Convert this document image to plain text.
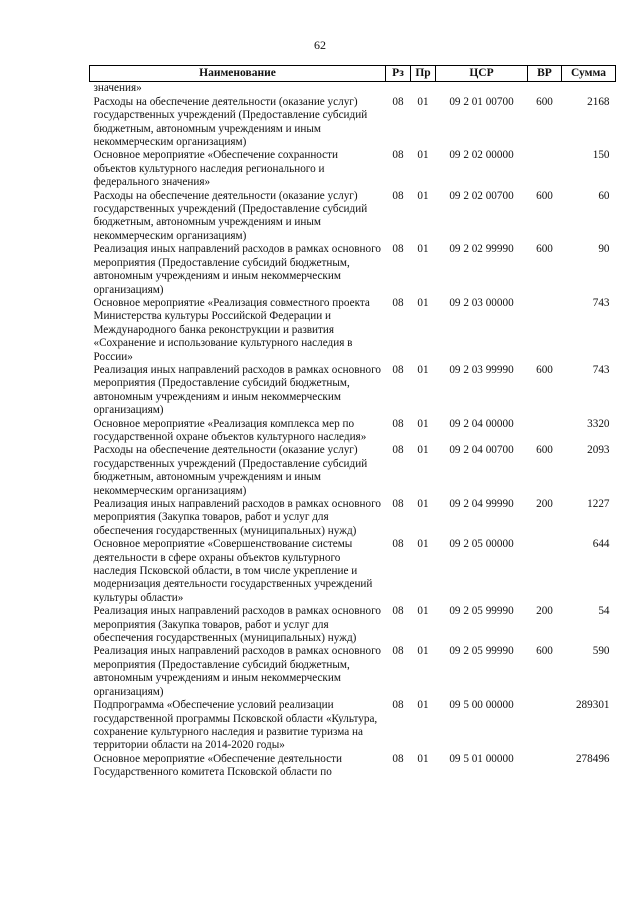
62
Наименование	Рз	Пр	ЦСР	ВР	Сумма
значения»					
Расходы на обеспечение деятельности (оказание услуг) государственных учреждений (Предоставление субсидий бюджетным, автономным учреждениям и иным некоммерческим организациям)	08	01	09 2 01 00700	600	2168
Основное мероприятие «Обеспечение сохранности объектов культурного наследия регионального и федерального значения»	08	01	09 2 02 00000		150
Расходы на обеспечение деятельности (оказание услуг) государственных учреждений (Предоставление субсидий бюджетным, автономным учреждениям и иным некоммерческим организациям)	08	01	09 2 02 00700	600	60
Реализация иных направлений расходов в рамках основного мероприятия (Предоставление субсидий бюджетным, автономным учреждениям и иным некоммерческим организациям)	08	01	09 2 02 99990	600	90
Основное мероприятие «Реализация совместного проекта Министерства культуры Российской Федерации и Международного банка реконструкции и развития «Сохранение и использование культурного наследия в России»	08	01	09 2 03 00000		743
Реализация иных направлений расходов в рамках основного мероприятия (Предоставление субсидий бюджетным, автономным учреждениям и иным некоммерческим организациям)	08	01	09 2 03 99990	600	743
Основное мероприятие «Реализация комплекса мер по государственной охране объектов культурного наследия»	08	01	09 2 04 00000		3320
Расходы на обеспечение деятельности (оказание услуг) государственных учреждений (Предоставление субсидий бюджетным, автономным учреждениям и иным некоммерческим организациям)	08	01	09 2 04 00700	600	2093
Реализация иных направлений расходов в рамках основного мероприятия (Закупка товаров, работ и услуг для обеспечения государственных (муниципальных) нужд)	08	01	09 2 04 99990	200	1227
Основное мероприятие «Совершенствование системы деятельности в сфере охраны объектов культурного наследия Псковской области, в том числе укрепление и модернизация деятельности государственных учреждений культуры области»	08	01	09 2 05 00000		644
Реализация иных направлений расходов в рамках основного мероприятия (Закупка товаров, работ и услуг для обеспечения государственных (муниципальных) нужд)	08	01	09 2 05 99990	200	54
Реализация иных направлений расходов в рамках основного мероприятия (Предоставление субсидий бюджетным, автономным учреждениям и иным некоммерческим организациям)	08	01	09 2 05 99990	600	590
Подпрограмма «Обеспечение условий реализации государственной программы Псковской области «Культура, сохранение культурного наследия и развитие туризма на территории области на 2014-2020 годы»	08	01	09 5 00 00000		289301
Основное мероприятие «Обеспечение деятельности Государственного комитета Псковской области по	08	01	09 5 01 00000		278496
